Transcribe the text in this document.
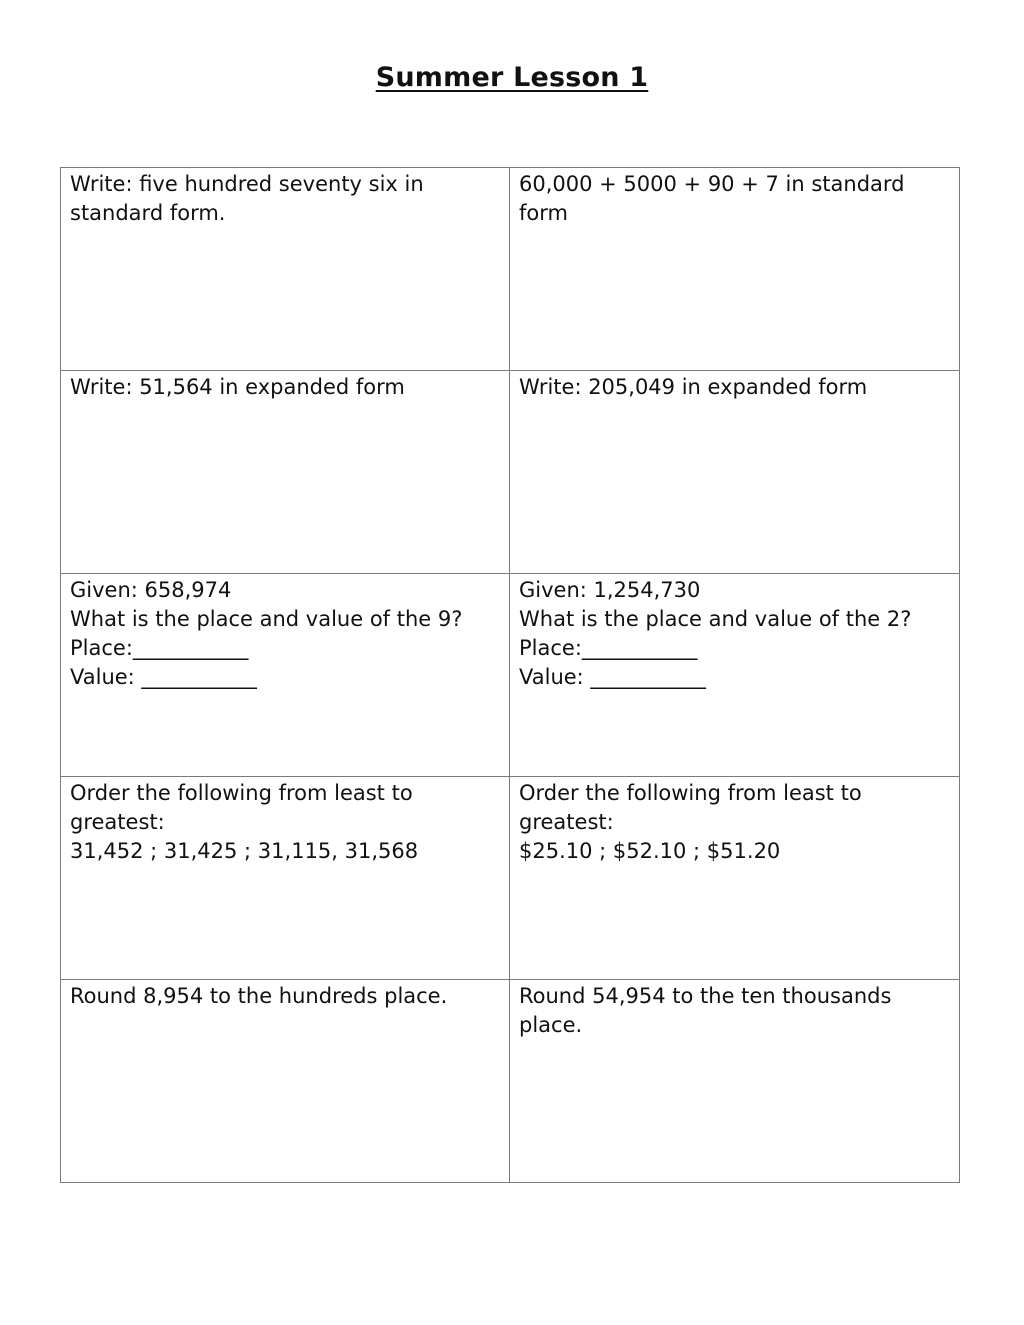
Summer Lesson 1
Write: five hundred seventy six in
standard form.	60,000 + 5000 + 90 + 7 in standard
form

Write: 51,564 in expanded form	Write: 205,049 in expanded form

Given: 658,974
What is the place and value of the 9?
Place:___________
Value: ___________	Given: 1,254,730
What is the place and value of the 2?
Place:___________
Value: ___________

Order the following from least to
greatest:
31,452 ; 31,425 ; 31,115, 31,568	Order the following from least to
greatest:
$25.10 ; $52.10 ; $51.20

Round 8,954 to the hundreds place.	Round 54,954 to the ten thousands
place.
